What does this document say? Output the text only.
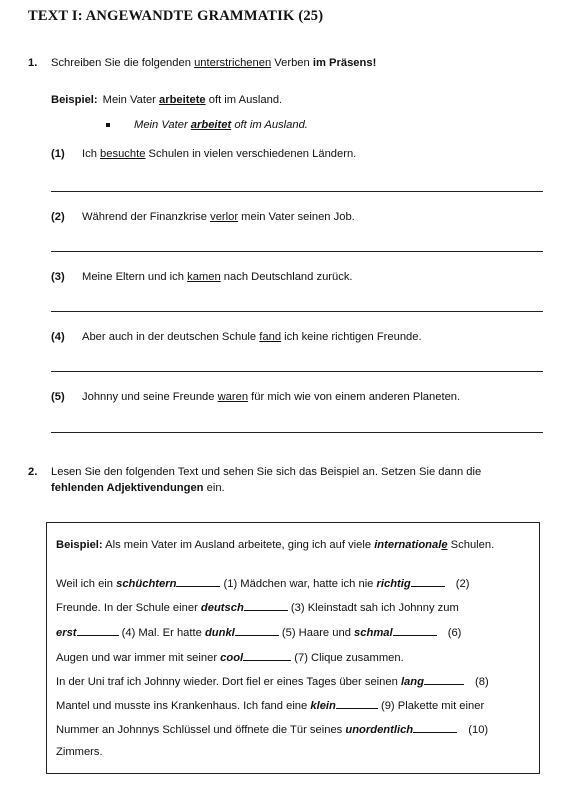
TEXT I: ANGEWANDTE GRAMMATIK (25)
1. Schreiben Sie die folgenden unterstrichenen Verben im Präsens!
Beispiel: Mein Vater arbeitete oft im Ausland.
Mein Vater arbeitet oft im Ausland.
(1) Ich besuchte Schulen in vielen verschiedenen Ländern.
(2) Während der Finanzkrise verlor mein Vater seinen Job.
(3) Meine Eltern und ich kamen nach Deutschland zurück.
(4) Aber auch in der deutschen Schule fand ich keine richtigen Freunde.
(5) Johnny und seine Freunde waren für mich wie von einem anderen Planeten.
2. Lesen Sie den folgenden Text und sehen Sie sich das Beispiel an. Setzen Sie dann die
fehlenden Adjektivendungen ein.
Beispiel: Als mein Vater im Ausland arbeitete, ging ich auf viele internationale Schulen.
Weil ich ein schüchtern	(1) Mädchen war, hatte ich nie richtig	(2)
Freunde. In der Schule einer deutsch	(3) Kleinstadt sah ich Johnny zum
erst	(4) Mal. Er hatte dunkl	(5) Haare und schmal	(6)
Augen und war immer mit seiner cool	(7) Clique zusammen.
In der Uni traf ich Johnny wieder. Dort fiel er eines Tages über seinen lang	(8)
Mantel und musste ins Krankenhaus. Ich fand eine klein	(9) Plakette mit einer
Nummer an Johnnys Schlüssel und öffnete die Tür seines unordentlich	(10)
Zimmers.
